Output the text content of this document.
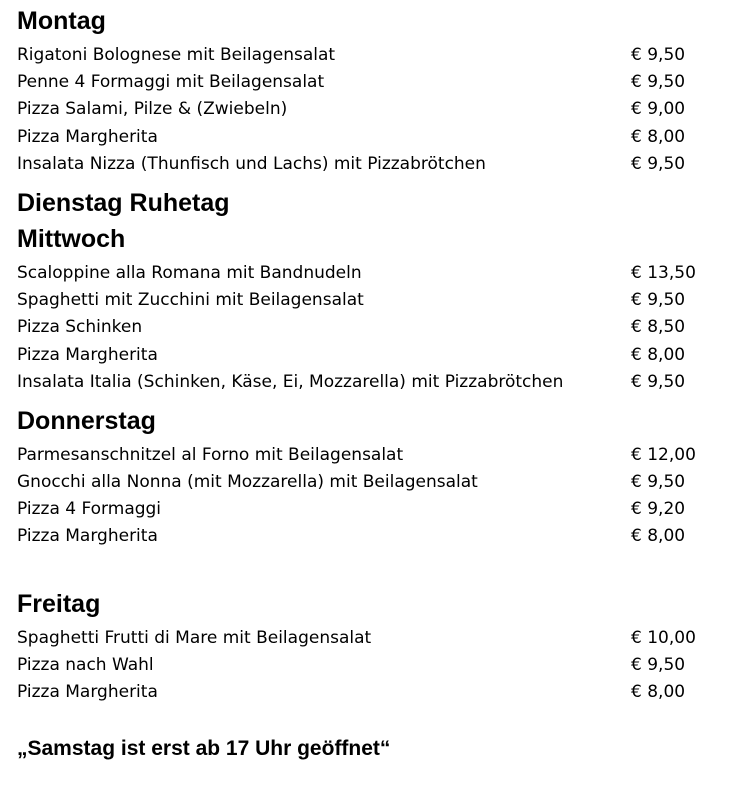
Montag
Rigatoni Bolognese mit Beilagensalat	€ 9,50
Penne 4 Formaggi mit Beilagensalat	€ 9,50
Pizza Salami, Pilze & (Zwiebeln)	€ 9,00
Pizza Margherita	€ 8,00
Insalata Nizza (Thunfisch und Lachs) mit Pizzabrötchen	€ 9,50
Dienstag Ruhetag
Mittwoch
Scaloppine alla Romana mit Bandnudeln	€ 13,50
Spaghetti mit Zucchini mit Beilagensalat	€ 9,50
Pizza Schinken	€ 8,50
Pizza Margherita	€ 8,00
Insalata Italia (Schinken, Käse, Ei, Mozzarella) mit Pizzabrötchen	€ 9,50
Donnerstag
Parmesanschnitzel al Forno mit Beilagensalat	€ 12,00
Gnocchi alla Nonna (mit Mozzarella) mit Beilagensalat	€ 9,50
Pizza 4 Formaggi	€ 9,20
Pizza Margherita	€ 8,00
Freitag
Spaghetti Frutti di Mare mit Beilagensalat	€ 10,00
Pizza nach Wahl	€ 9,50
Pizza Margherita	€ 8,00
„Samstag ist erst ab 17 Uhr geöffnet“
